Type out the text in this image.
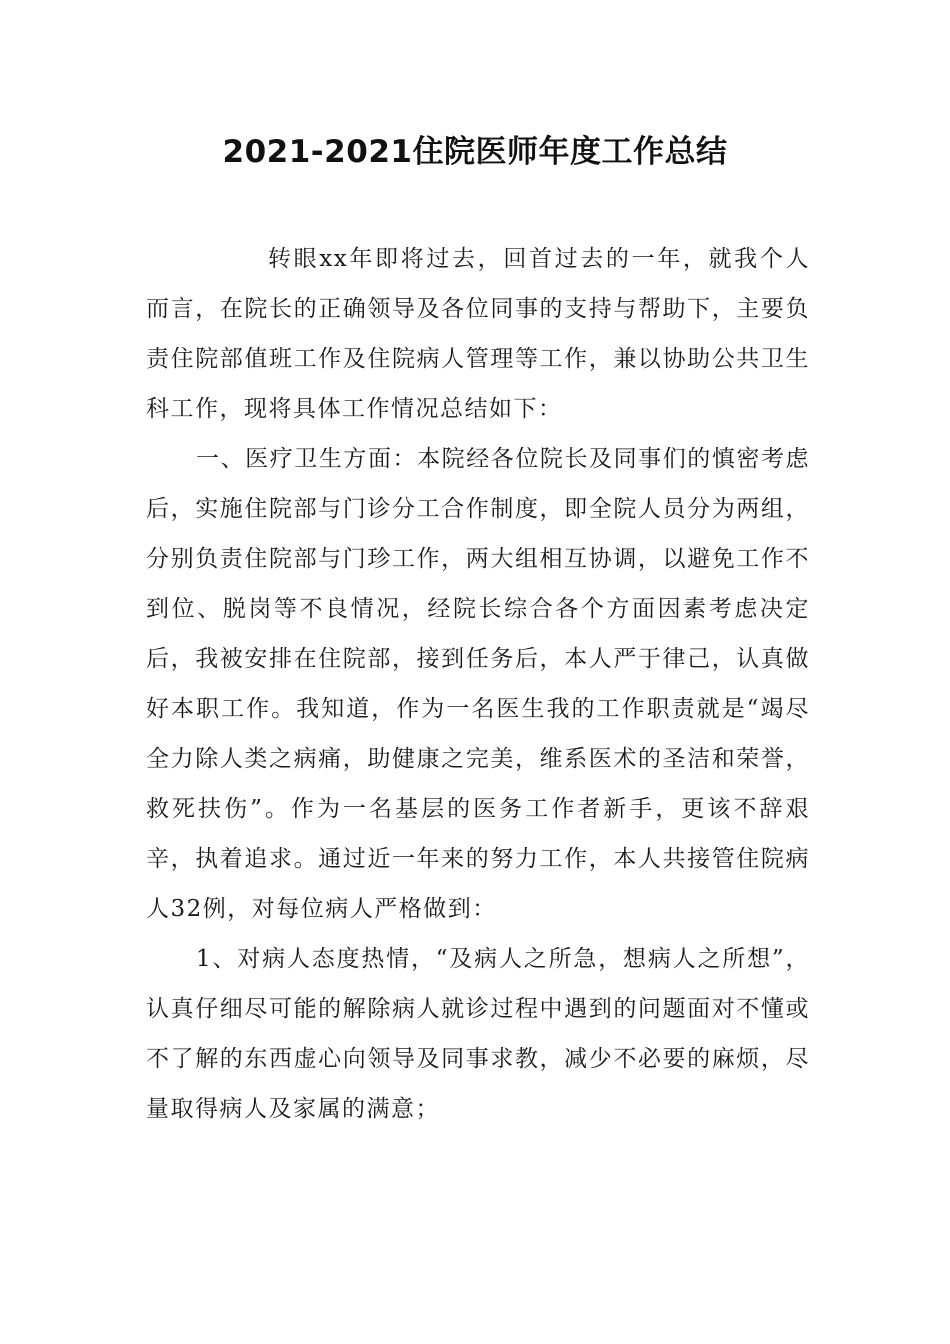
2021-2021住院医师年度工作总结

转眼xx年即将过去，回首过去的一年，就我个人而言，在院长的正确领导及各位同事的支持与帮助下，主要负责住院部值班工作及住院病人管理等工作，兼以协助公共卫生科工作，现将具体工作情况总结如下：

一、医疗卫生方面：本院经各位院长及同事们的慎密考虑后，实施住院部与门诊分工合作制度，即全院人员分为两组，分别负责住院部与门珍工作，两大组相互协调，以避免工作不到位、脱岗等不良情况，经院长综合各个方面因素考虑决定后，我被安排在住院部，接到任务后，本人严于律己，认真做好本职工作。我知道，作为一名医生我的工作职责就是“竭尽全力除人类之病痛，助健康之完美，维系医术的圣洁和荣誉，救死扶伤”。作为一名基层的医务工作者新手，更该不辞艰辛，执着追求。通过近一年来的努力工作，本人共接管住院病人32例，对每位病人严格做到：

1、对病人态度热情，“及病人之所急，想病人之所想”，认真仔细尽可能的解除病人就诊过程中遇到的问题面对不懂或不了解的东西虚心向领导及同事求教，减少不必要的麻烦，尽量取得病人及家属的满意；
